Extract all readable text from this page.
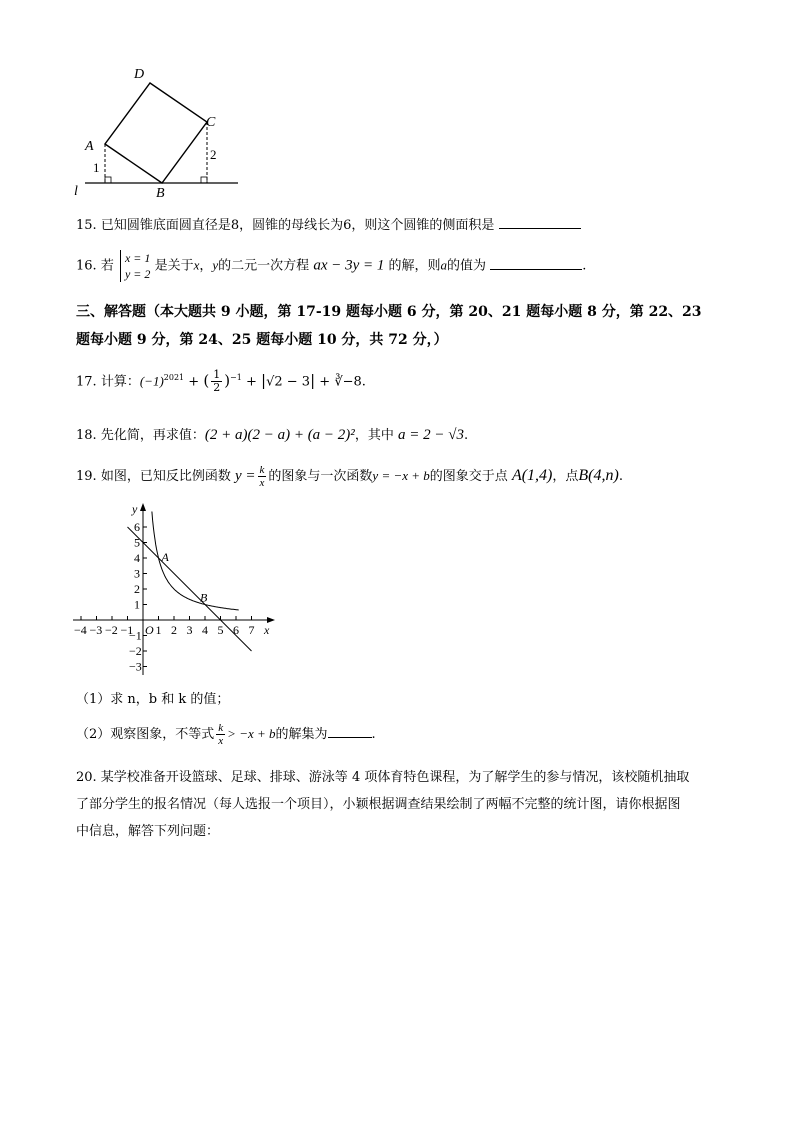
D
C
A
B
l
1
2
15. 已知圆锥底面圆直径是8，圆锥的母线长为6，则这个圆锥的侧面积是
16. 若
x = 1
y = 2
是关于x，y的二元一次方程 ax − 3y = 1 的解，则a的值为	.
三、解答题（本大题共 9 小题，第 17-19 题每小题 6 分，第 20、21 题每小题 8 分，第 22、23
题每小题 9 分，第 24、25 题每小题 10 分，共 72 分，）
17. 计算：$(-1)^{2021}$ + ( $\frac{1}{2} )^{-1} + |√2 - 3|$ + ∛−8.
18. 先化简，再求值：(2 + a)(2 − a) + (a − 2)²，其中 a = 2 − √3.
19. 如图，已知反比例函数 $y = \frac{k}{x}$ 的图象与一次函数y = −x + b的图象交于点 A(1,4)，点B(4,n).
x
y
O
−4 −3 −2 −1 1 2 3 4 5 6 7
6
5
4
3
2
1
−1
−2
−3
A
B
（1）求 n，b 和 k 的值；
（2）观察图象，不等式 $\frac{k}{x} > -x + b$的解集为	.
20. 某学校准备开设篮球、足球、排球、游泳等 4 项体育特色课程，为了解学生的参与情况，该校随机抽取
了部分学生的报名情况（每人选报一个项目），小颖根据调查结果绘制了两幅不完整的统计图，请你根据图
中信息，解答下列问题：
